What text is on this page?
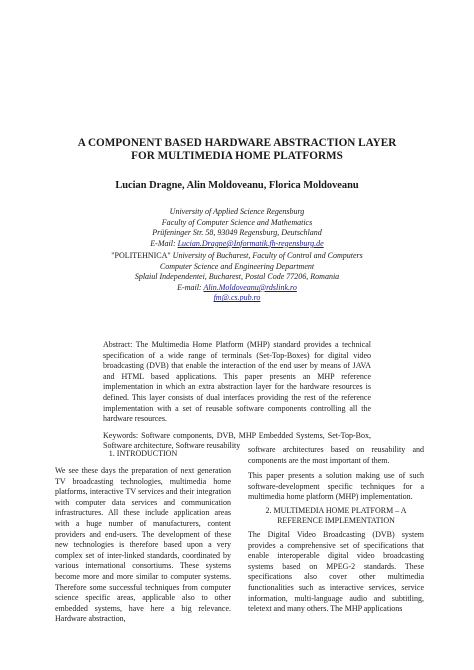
A COMPONENT BASED HARDWARE ABSTRACTION LAYER
FOR MULTIMEDIA HOME PLATFORMS
Lucian Dragne, Alin Moldoveanu, Florica Moldoveanu
University of Applied Science Regensburg
Faculty of Computer Science and Mathematics
Prüfeninger Str. 58, 93049 Regensburg, Deutschland
E-Mail: Lucian.Dragne@Informatik.fh-regensburg.de
"POLITEHNICA" University of Bucharest, Faculty of Control and Computers
Computer Science and Engineering Department
Splaiul Independentei, Bucharest, Postal Code 77206, Romania
E-mail: Alin.Moldoveanu@rdslink.ro
fm@.cs.pub.ro

Abstract: The Multimedia Home Platform (MHP) standard provides a technical specification of a wide range of terminals (Set-Top-Boxes) for digital video broadcasting (DVB) that enable the interaction of the end user by means of JAVA and HTML based applications. This paper presents an MHP reference implementation in which an extra abstraction layer for the hardware resources is defined. This layer consists of dual interfaces providing the rest of the reference implementation with a set of reusable software components controlling all the hardware resources.

Keywords: Software components, DVB, MHP Embedded Systems, Set-Top-Box, Software architecture, Software reusability

1. INTRODUCTION

We see these days the preparation of next generation TV broadcasting technologies, multimedia home platforms, interactive TV services and their integration with computer data services and communication infrastructures. All these include application areas with a huge number of manufacturers, content providers and end-users. The development of these new technologies is therefore based upon a very complex set of inter-linked standards, coordinated by various international consortiums. These systems become more and more similar to computer systems. Therefore some successful techniques from computer science specific areas, applicable also to other embedded systems, have here a big relevance. Hardware abstraction,

software architectures based on reusability and components are the most important of them.

This paper presents a solution making use of such software-development specific techniques for a multimedia home platform (MHP) implementation.

2. MULTIMEDIA HOME PLATFORM – A
REFERENCE IMPLEMENTATION

The Digital Video Broadcasting (DVB) system provides a comprehensive set of specifications that enable interoperable digital video broadcasting systems based on MPEG-2 standards. These specifications also cover other multimedia functionalities such as interactive services, service information, multi-language audio and subtitling, teletext and many others. The MHP applications
